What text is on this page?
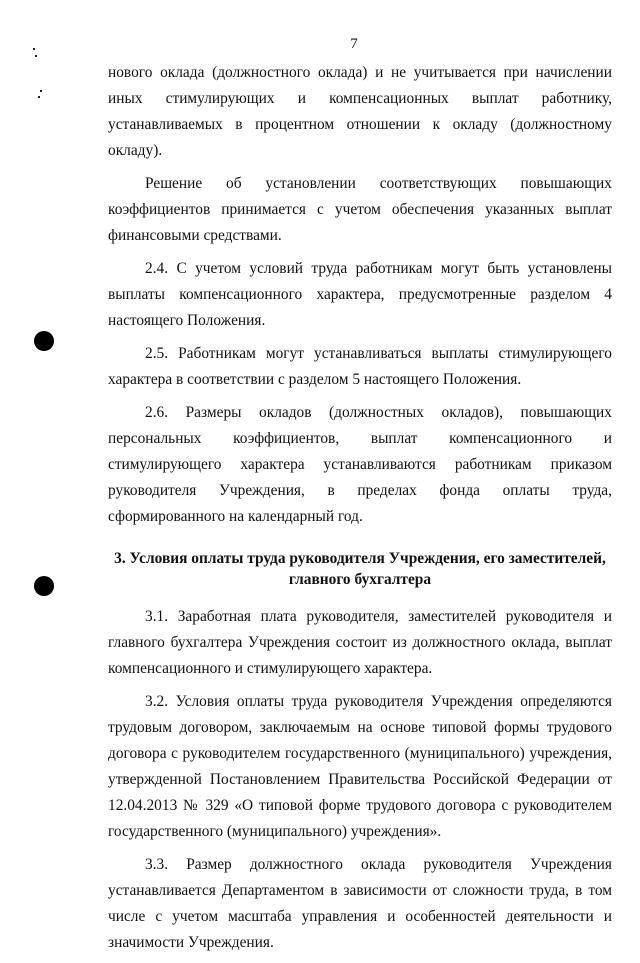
7

нового оклада (должностного оклада) и не учитывается при начислении иных стимулирующих и компенсационных выплат работнику, устанавливаемых в процентном отношении к окладу (должностному окладу).

Решение об установлении соответствующих повышающих коэффициентов принимается с учетом обеспечения указанных выплат финансовыми средствами.

2.4. С учетом условий труда работникам могут быть установлены выплаты компенсационного характера, предусмотренные разделом 4 настоящего Положения.

2.5. Работникам могут устанавливаться выплаты стимулирующего характера в соответствии с разделом 5 настоящего Положения.

2.6. Размеры окладов (должностных окладов), повышающих персональных коэффициентов, выплат компенсационного и стимулирующего характера устанавливаются работникам приказом руководителя Учреждения, в пределах фонда оплаты труда, сформированного на календарный год.

3. Условия оплаты труда руководителя Учреждения, его заместителей, главного бухгалтера

3.1. Заработная плата руководителя, заместителей руководителя и главного бухгалтера Учреждения состоит из должностного оклада, выплат компенсационного и стимулирующего характера.

3.2. Условия оплаты труда руководителя Учреждения определяются трудовым договором, заключаемым на основе типовой формы трудового договора с руководителем государственного (муниципального) учреждения, утвержденной Постановлением Правительства Российской Федерации от 12.04.2013 № 329 «О типовой форме трудового договора с руководителем государственного (муниципального) учреждения».

3.3. Размер должностного оклада руководителя Учреждения устанавливается Департаментом в зависимости от сложности труда, в том числе с учетом масштаба управления и особенностей деятельности и значимости Учреждения.
